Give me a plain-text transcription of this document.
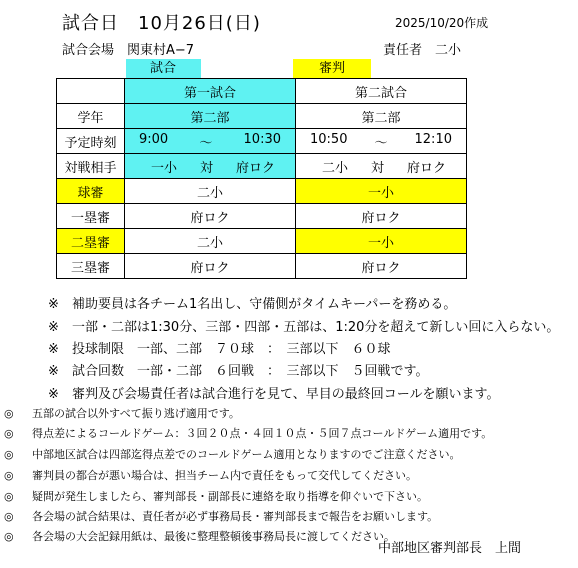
試合日　10月26日(日)	2025/10/20作成
試合会場　関東村A−7	責任者　二小
試合	審判
	第一試合	第二試合
学年	第二部	第二部
予定時刻	9:00 〜 10:30	10:50 〜 12:10

対戦相手	一小 対 府ロク	二小 対 府ロク

球審	二小	一小
一塁審	府ロク	府ロク
二塁審	二小	一小
三塁審	府ロク	府ロク
※ 補助要員は各チーム1名出し、守備側がタイムキーパーを務める。
※ 一部・二部は1:30分、三部・四部・五部は、1:20分を超えて新しい回に入らない。
※ 投球制限　一部、二部　７０球　：　三部以下　６０球
※ 試合回数　一部・二部　６回戦　：　三部以下　５回戦です。
※ 審判及び会場責任者は試合進行を見て、早目の最終回コールを願います。
◎ 五部の試合以外すべて振り逃げ適用です。
◎ 得点差によるコールドゲーム：３回２０点・４回１０点・５回７点コールドゲーム適用です。
◎ 中部地区試合は四部迄得点差でのコールドゲーム適用となりますのでご注意ください。
◎ 審判員の都合が悪い場合は、担当チーム内で責任をもって交代してください。
◎ 疑問が発生しましたら、審判部長・副部長に連絡を取り指導を仰ぐいで下さい。
◎ 各会場の試合結果は、責任者が必ず事務局長・審判部長まで報告をお願いします。
◎ 各会場の大会記録用紙は、最後に整理整頓後事務局長に渡してください。
中部地区審判部長　上間
